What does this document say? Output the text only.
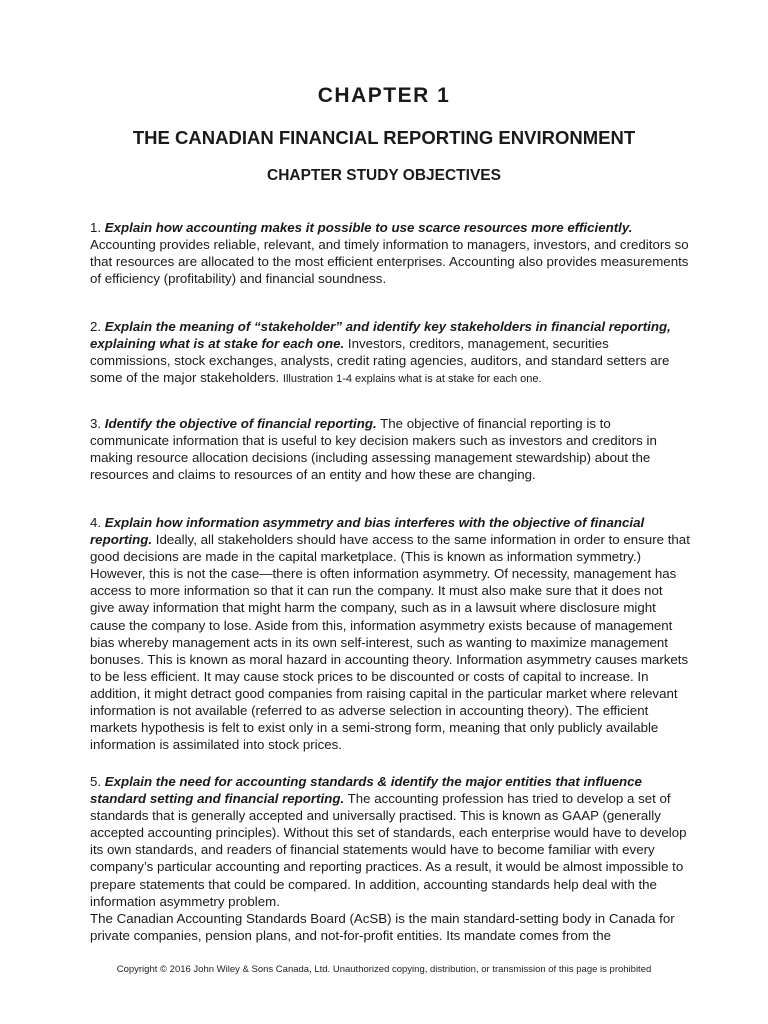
CHAPTER 1
THE CANADIAN FINANCIAL REPORTING ENVIRONMENT
CHAPTER STUDY OBJECTIVES

1. Explain how accounting makes it possible to use scarce resources more efficiently. Accounting provides reliable, relevant, and timely information to managers, investors, and creditors so that resources are allocated to the most efficient enterprises. Accounting also provides measurements of efficiency (profitability) and financial soundness.

2. Explain the meaning of “stakeholder” and identify key stakeholders in financial reporting, explaining what is at stake for each one. Investors, creditors, management, securities commissions, stock exchanges, analysts, credit rating agencies, auditors, and standard setters are some of the major stakeholders. Illustration 1-4 explains what is at stake for each one.

3. Identify the objective of financial reporting. The objective of financial reporting is to communicate information that is useful to key decision makers such as investors and creditors in making resource allocation decisions (including assessing management stewardship) about the resources and claims to resources of an entity and how these are changing.

4. Explain how information asymmetry and bias interferes with the objective of financial reporting. Ideally, all stakeholders should have access to the same information in order to ensure that good decisions are made in the capital marketplace. (This is known as information symmetry.) However, this is not the case—there is often information asymmetry. Of necessity, management has access to more information so that it can run the company. It must also make sure that it does not give away information that might harm the company, such as in a lawsuit where disclosure might cause the company to lose. Aside from this, information asymmetry exists because of management bias whereby management acts in its own self-interest, such as wanting to maximize management bonuses. This is known as moral hazard in accounting theory. Information asymmetry causes markets to be less efficient. It may cause stock prices to be discounted or costs of capital to increase. In addition, it might detract good companies from raising capital in the particular market where relevant information is not available (referred to as adverse selection in accounting theory). The efficient markets hypothesis is felt to exist only in a semi-strong form, meaning that only publicly available information is assimilated into stock prices.

5. Explain the need for accounting standards & identify the major entities that influence standard setting and financial reporting. The accounting profession has tried to develop a set of standards that is generally accepted and universally practised. This is known as GAAP (generally accepted accounting principles). Without this set of standards, each enterprise would have to develop its own standards, and readers of financial statements would have to become familiar with every company’s particular accounting and reporting practices. As a result, it would be almost impossible to prepare statements that could be compared. In addition, accounting standards help deal with the information asymmetry problem.
The Canadian Accounting Standards Board (AcSB) is the main standard-setting body in Canada for private companies, pension plans, and not-for-profit entities. Its mandate comes from the

Copyright © 2016 John Wiley & Sons Canada, Ltd. Unauthorized copying, distribution, or transmission of this page is prohibited
